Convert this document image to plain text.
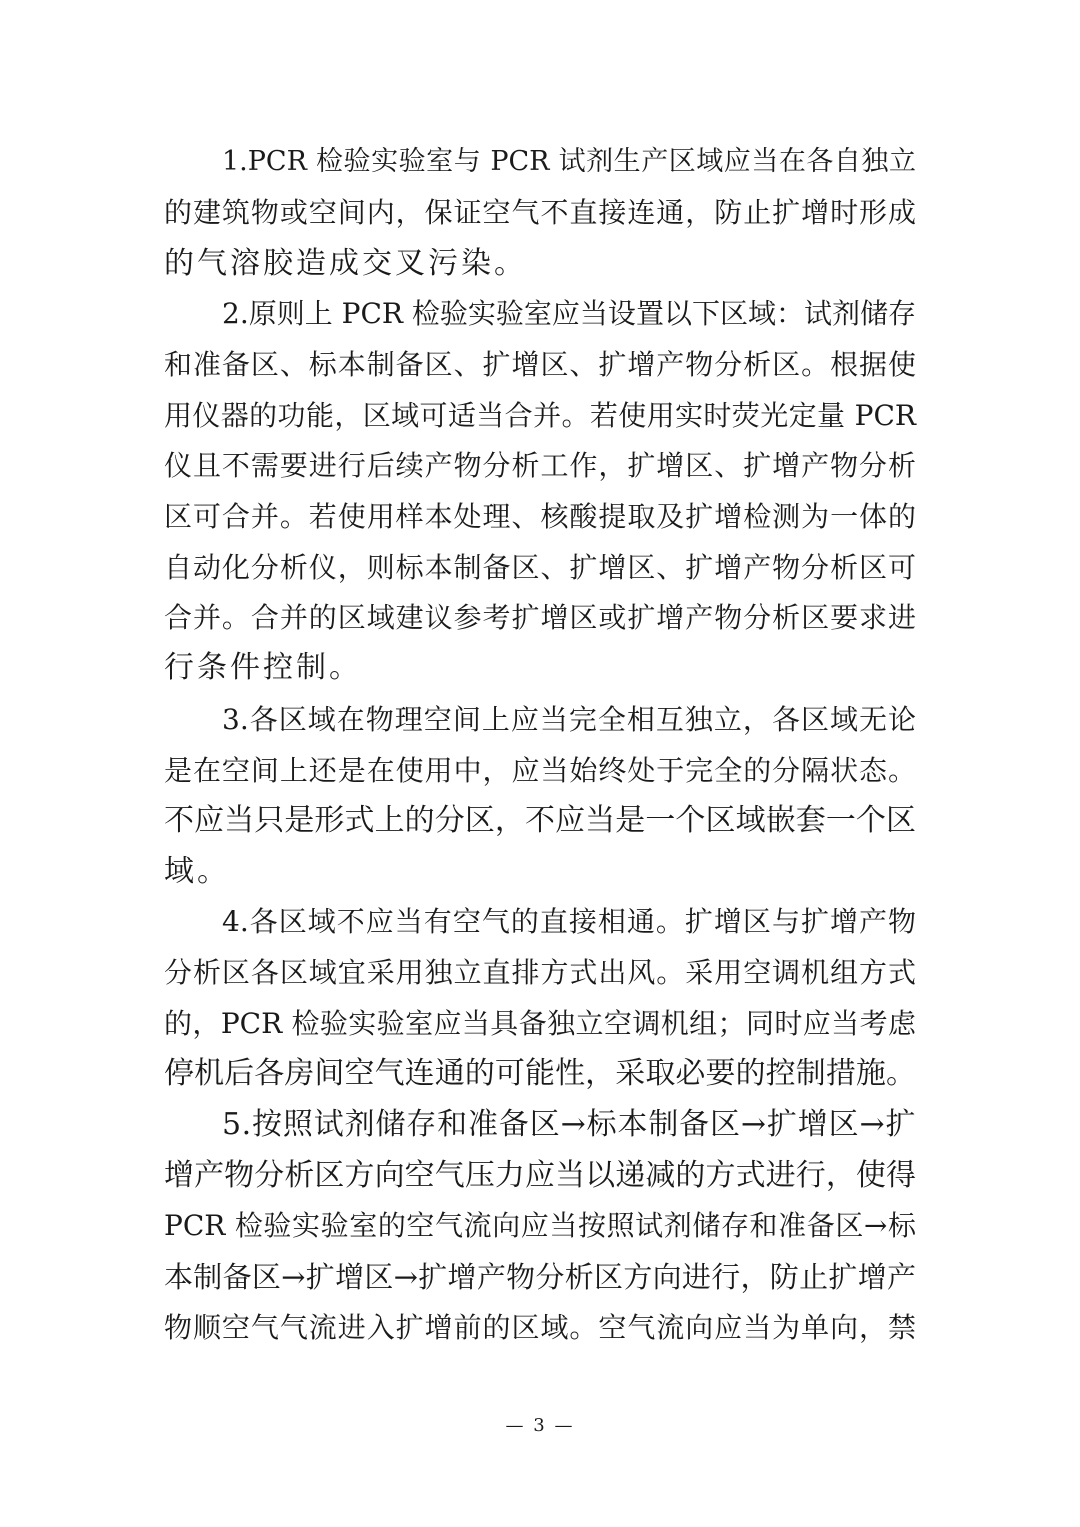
1.PCR 检验实验室与 PCR 试剂生产区域应当在各自独立
的建筑物或空间内，保证空气不直接连通，防止扩增时形成
的气溶胶造成交叉污染。
2.原则上 PCR 检验实验室应当设置以下区域：试剂储存
和准备区、标本制备区、扩增区、扩增产物分析区。根据使
用仪器的功能，区域可适当合并。若使用实时荧光定量 PCR
仪且不需要进行后续产物分析工作，扩增区、扩增产物分析
区可合并。若使用样本处理、核酸提取及扩增检测为一体的
自动化分析仪，则标本制备区、扩增区、扩增产物分析区可
合并。合并的区域建议参考扩增区或扩增产物分析区要求进
行条件控制。
3.各区域在物理空间上应当完全相互独立，各区域无论
是在空间上还是在使用中，应当始终处于完全的分隔状态。
不应当只是形式上的分区，不应当是一个区域嵌套一个区
域。
4.各区域不应当有空气的直接相通。扩增区与扩增产物
分析区各区域宜采用独立直排方式出风。采用空调机组方式
的，PCR 检验实验室应当具备独立空调机组；同时应当考虑
停机后各房间空气连通的可能性，采取必要的控制措施。
5.按照试剂储存和准备区→标本制备区→扩增区→扩
增产物分析区方向空气压力应当以递减的方式进行，使得
PCR 检验实验室的空气流向应当按照试剂储存和准备区→标
本制备区→扩增区→扩增产物分析区方向进行，防止扩增产
物顺空气气流进入扩增前的区域。空气流向应当为单向，禁
— 3 —
